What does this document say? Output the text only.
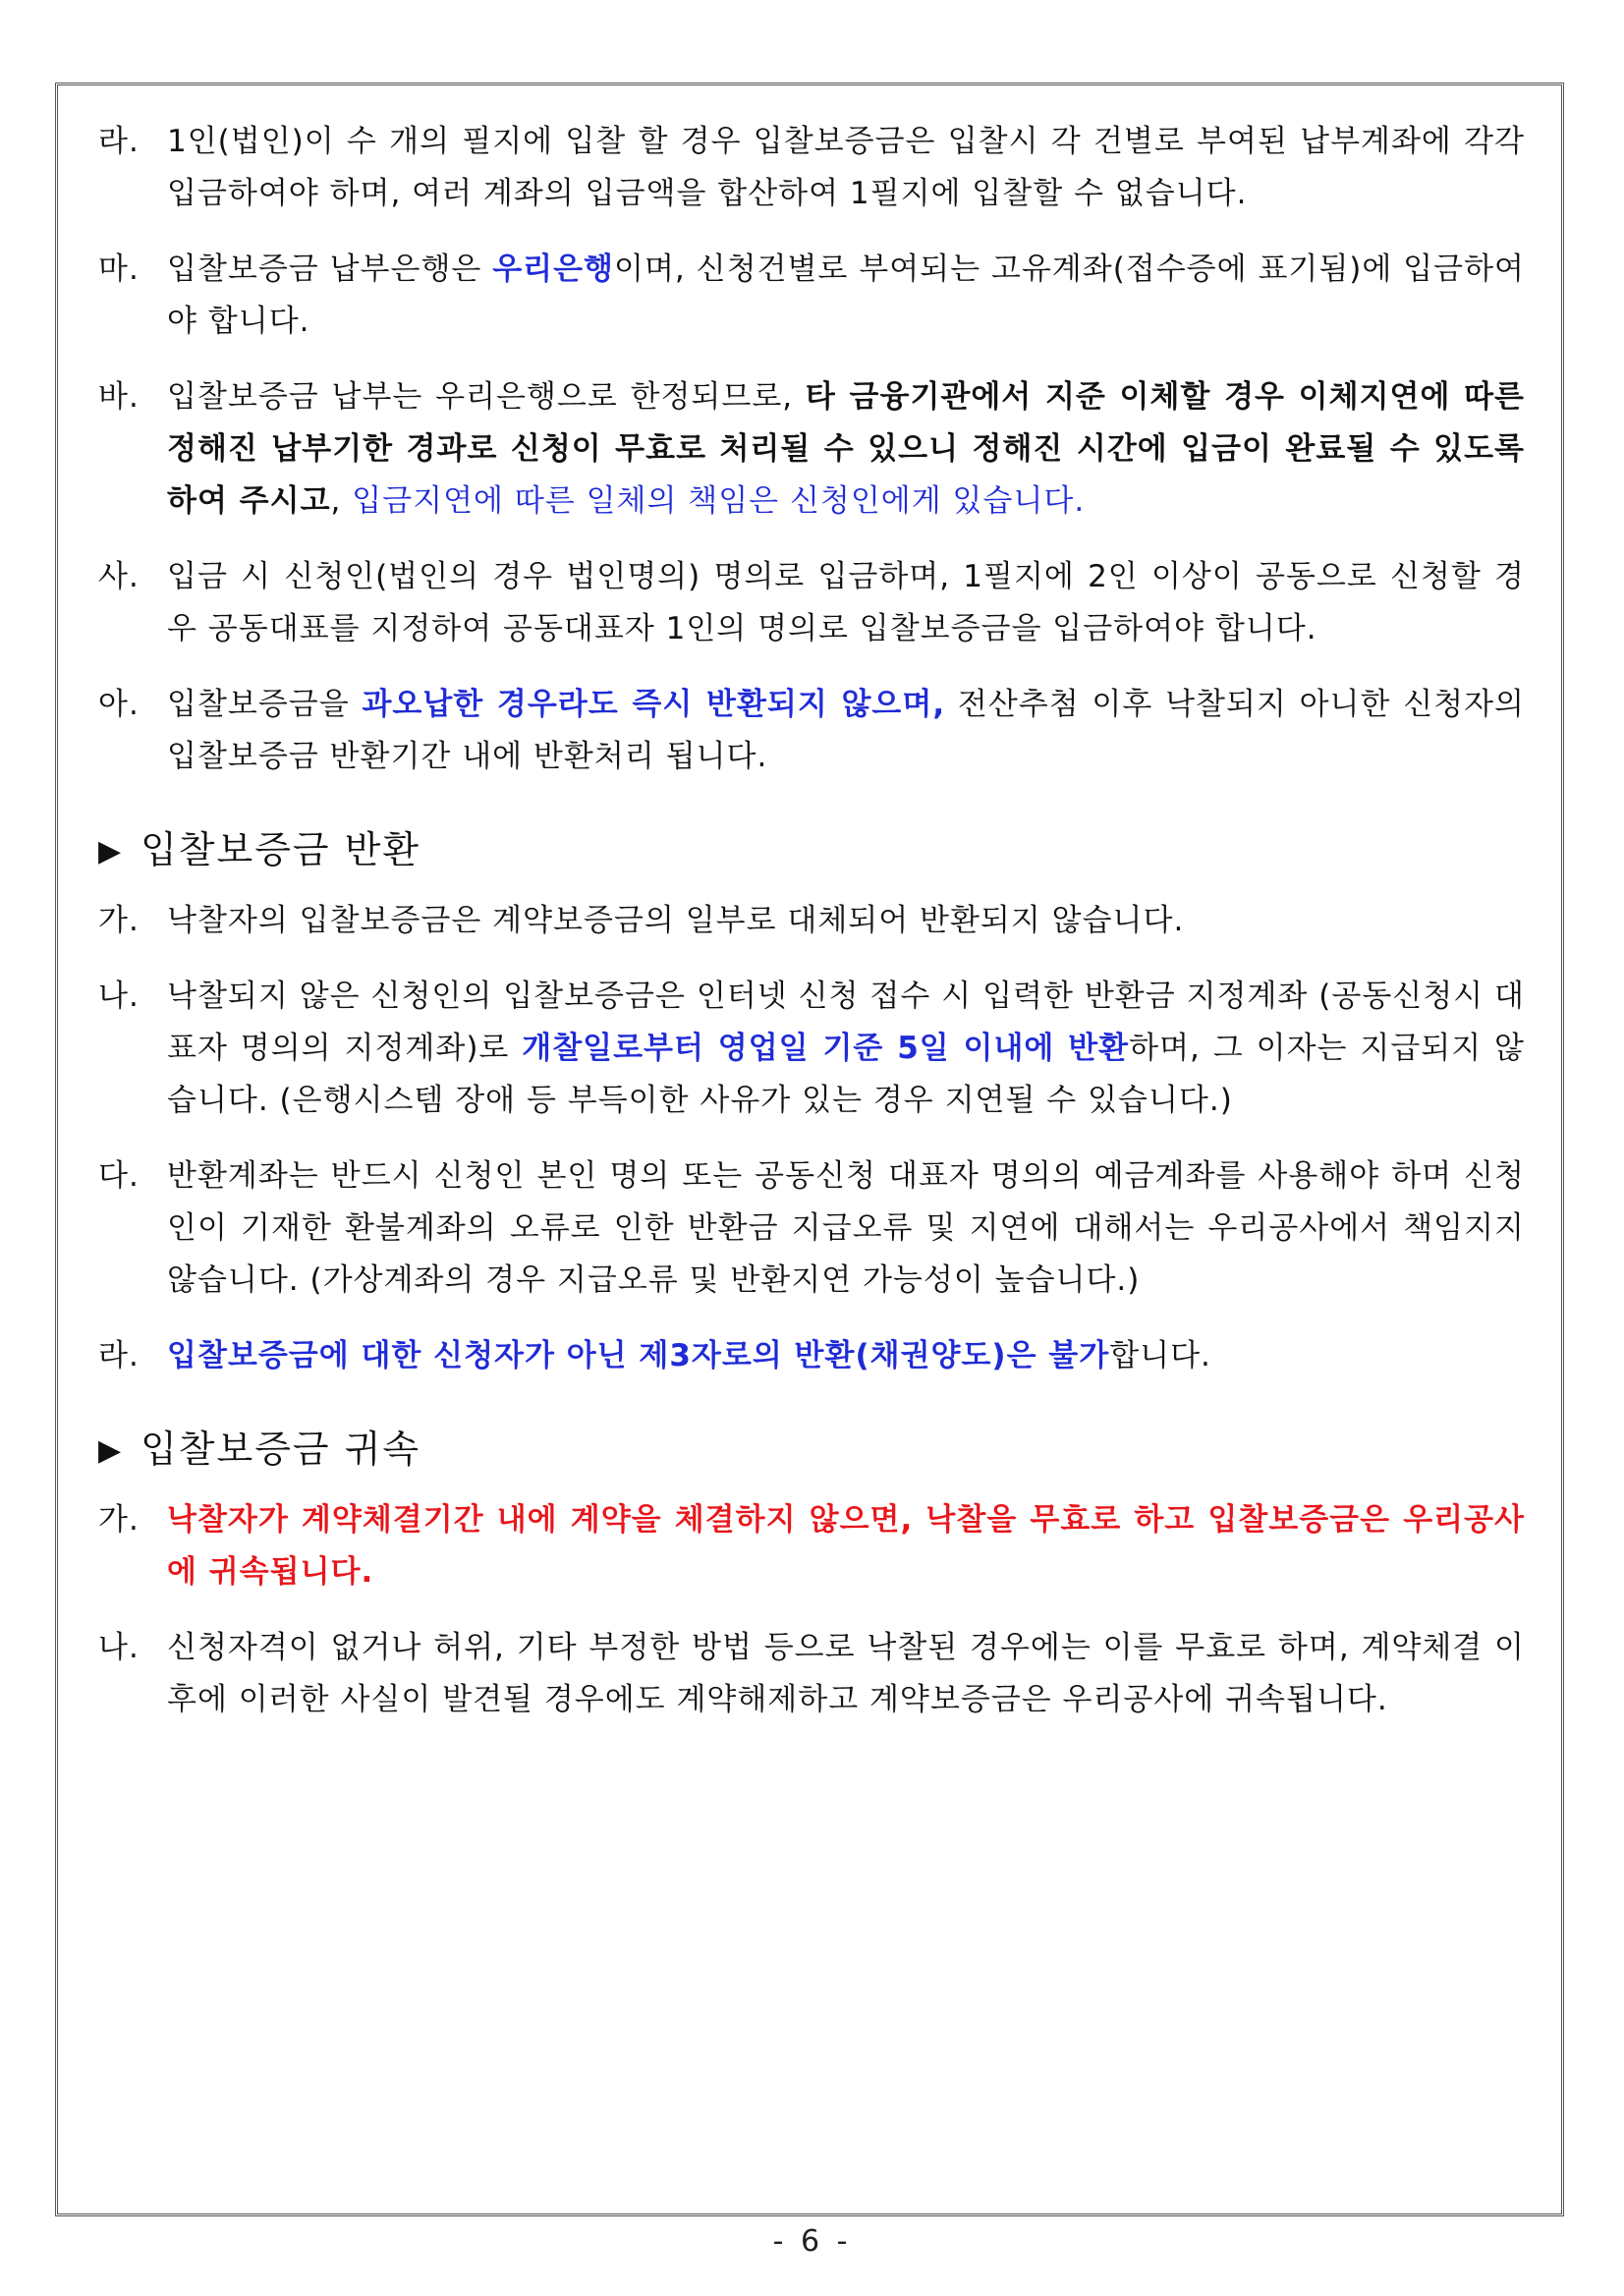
라. 1인(법인)이 수 개의 필지에 입찰 할 경우 입찰보증금은 입찰시 각 건별로 부여된 납부계좌에 각각 입금하여야 하며, 여러 계좌의 입금액을 합산하여 1필지에 입찰할 수 없습니다.
마. 입찰보증금 납부은행은 우리은행이며, 신청건별로 부여되는 고유계좌(접수증에 표기됨)에 입금하여야 합니다.
바. 입찰보증금 납부는 우리은행으로 한정되므로, 타 금융기관에서 지준 이체할 경우 이체지연에 따른 정해진 납부기한 경과로 신청이 무효로 처리될 수 있으니 정해진 시간에 입금이 완료될 수 있도록 하여 주시고, 입금지연에 따른 일체의 책임은 신청인에게 있습니다.
사. 입금 시 신청인(법인의 경우 법인명의) 명의로 입금하며, 1필지에 2인 이상이 공동으로 신청할 경우 공동대표를 지정하여 공동대표자 1인의 명의로 입찰보증금을 입금하여야 합니다.
아. 입찰보증금을 과오납한 경우라도 즉시 반환되지 않으며, 전산추첨 이후 낙찰되지 아니한 신청자의 입찰보증금 반환기간 내에 반환처리 됩니다.
▶ 입찰보증금 반환
가. 낙찰자의 입찰보증금은 계약보증금의 일부로 대체되어 반환되지 않습니다.
나. 낙찰되지 않은 신청인의 입찰보증금은 인터넷 신청 접수 시 입력한 반환금 지정계좌 (공동신청시 대표자 명의의 지정계좌)로 개찰일로부터 영업일 기준 5일 이내에 반환하며, 그 이자는 지급되지 않습니다. (은행시스템 장애 등 부득이한 사유가 있는 경우 지연될 수 있습니다.)
다. 반환계좌는 반드시 신청인 본인 명의 또는 공동신청 대표자 명의의 예금계좌를 사용해야 하며 신청인이 기재한 환불계좌의 오류로 인한 반환금 지급오류 및 지연에 대해서는 우리공사에서 책임지지 않습니다. (가상계좌의 경우 지급오류 및 반환지연 가능성이 높습니다.)
라. 입찰보증금에 대한 신청자가 아닌 제3자로의 반환(채권양도)은 불가합니다.
▶ 입찰보증금 귀속
가. 낙찰자가 계약체결기간 내에 계약을 체결하지 않으면, 낙찰을 무효로 하고 입찰보증금은 우리공사에 귀속됩니다.
나. 신청자격이 없거나 허위, 기타 부정한 방법 등으로 낙찰된 경우에는 이를 무효로 하며, 계약체결 이후에 이러한 사실이 발견될 경우에도 계약해제하고 계약보증금은 우리공사에 귀속됩니다.
- 6 -
